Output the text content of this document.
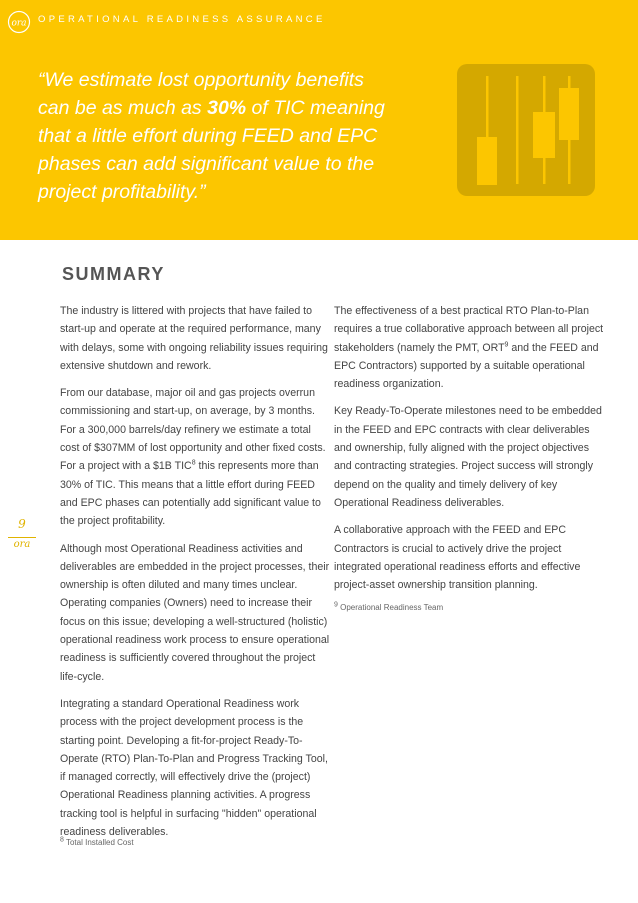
ora OPERATIONAL READINESS ASSURANCE
“We estimate lost opportunity benefits can be as much as 30% of TIC meaning that a little effort during FEED and EPC phases can add significant value to the project profitability.”
SUMMARY

The industry is littered with projects that have failed to start-up and operate at the required performance, many with delays, some with ongoing reliability issues requiring extensive shutdown and rework.

From our database, major oil and gas projects overrun commissioning and start-up, on average, by 3 months. For a 300,000 barrels/day refinery we estimate a total cost of $307MM of lost opportunity and other fixed costs. For a project with a $1B TIC$^8$ this represents more than 30% of TIC. This means that a little effort during FEED and EPC phases can potentially add significant value to the project profitability.

Although most Operational Readiness activities and deliverables are embedded in the project processes, their ownership is often diluted and many times unclear. Operating companies (Owners) need to increase their focus on this issue; developing a well-structured (holistic) operational readiness work process to ensure operational readiness is sufficiently covered throughout the project life-cycle.

Integrating a standard Operational Readiness work process with the project development process is the starting point. Developing a fit-for-project Ready-To-Operate (RTO) Plan-To-Plan and Progress Tracking Tool, if managed correctly, will effectively drive the (project) Operational Readiness planning activities. A progress tracking tool is helpful in surfacing "hidden" operational readiness deliverables.

The effectiveness of a best practical RTO Plan-to-Plan requires a true collaborative approach between all project stakeholders (namely the PMT, ORT$^9$ and the FEED and EPC Contractors) supported by a suitable operational readiness organization.

Key Ready-To-Operate milestones need to be embedded in the FEED and EPC contracts with clear deliverables and ownership, fully aligned with the project objectives and contracting strategies. Project success will strongly depend on the quality and timely delivery of key Operational Readiness deliverables.

A collaborative approach with the FEED and EPC Contractors is crucial to actively drive the project integrated operational readiness efforts and effective project-asset ownership transition planning.

$^9$ Operational Readiness Team
$^8$ Total Installed Cost
9
ora
